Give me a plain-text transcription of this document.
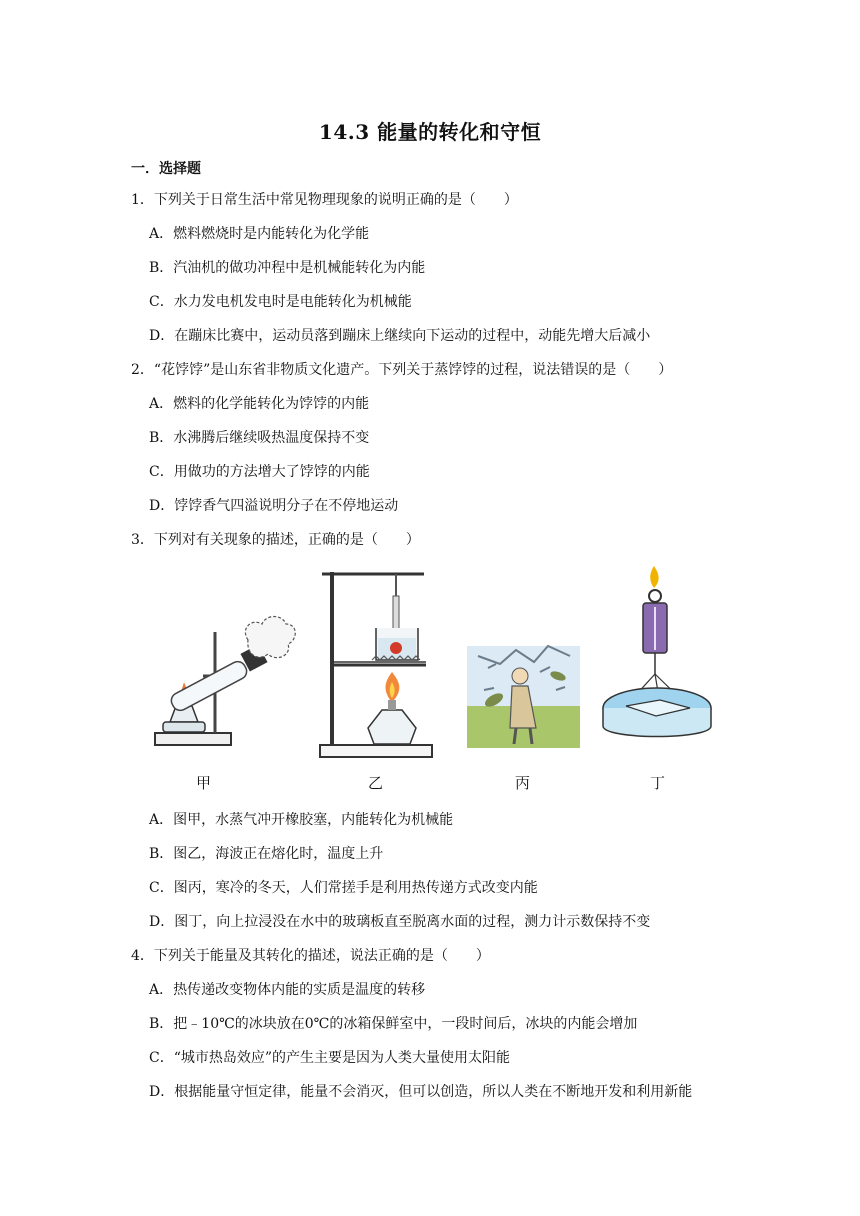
14.3 能量的转化和守恒
一．选择题
1．下列关于日常生活中常见物理现象的说明正确的是（　　）
A．燃料燃烧时是内能转化为化学能
B．汽油机的做功冲程中是机械能转化为内能
C．水力发电机发电时是电能转化为机械能
D．在蹦床比赛中，运动员落到蹦床上继续向下运动的过程中，动能先增大后减小
2．“花饽饽”是山东省非物质文化遗产。下列关于蒸饽饽的过程，说法错误的是（　　）
A．燃料的化学能转化为饽饽的内能
B．水沸腾后继续吸热温度保持不变
C．用做功的方法增大了饽饽的内能
D．饽饽香气四溢说明分子在不停地运动
3．下列对有关现象的描述，正确的是（　　）
甲	乙	丙	丁
A．图甲，水蒸气冲开橡胶塞，内能转化为机械能
B．图乙，海波正在熔化时，温度上升
C．图丙，寒冷的冬天，人们常搓手是利用热传递方式改变内能
D．图丁，向上拉浸没在水中的玻璃板直至脱离水面的过程，测力计示数保持不变
4．下列关于能量及其转化的描述，说法正确的是（　　）
A．热传递改变物体内能的实质是温度的转移
B．把﹣10℃的冰块放在0℃的冰箱保鲜室中，一段时间后，冰块的内能会增加
C．“城市热岛效应”的产生主要是因为人类大量使用太阳能
D．根据能量守恒定律，能量不会消灭，但可以创造，所以人类在不断地开发和利用新能
